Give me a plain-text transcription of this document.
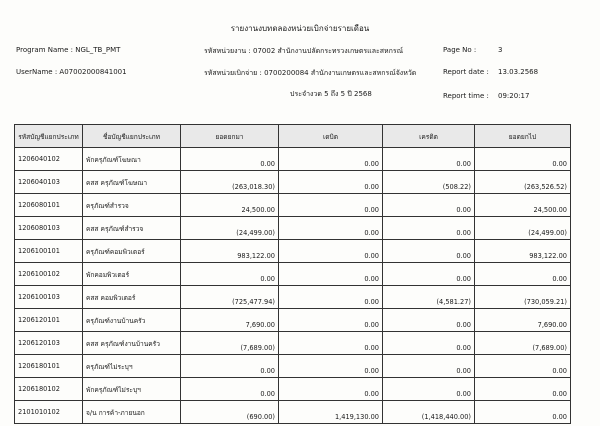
รายงานงบทดลองหน่วยเบิกจ่ายรายเดือน
Program Name : NGL_TB_PMT
UserName : A07002000841001
รหัสหน่วยงาน : 07002 สำนักงานปลัดกระทรวงเกษตรและสหกรณ์
รหัสหน่วยเบิกจ่าย : 0700200084 สำนักงานเกษตรและสหกรณ์จังหวัด
ประจำงวด 5 ถึง 5 ปี 2568
Page No :	3
Report date : 13.03.2568
Report time : 09:20:17
รหัสบัญชีแยกประเภท	ชื่อบัญชีแยกประเภท	ยอดยกมา	เดบิต	เครดิต	ยอดยกไป
1206040102	พักครุภัณฑ์โฆษณา	0.00	0.00	0.00	0.00
1206040103	คสส ครุภัณฑ์โฆษณา	(263,018.30)	0.00	(508.22)	(263,526.52)
1206080101	ครุภัณฑ์สำรวจ	24,500.00	0.00	0.00	24,500.00
1206080103	คสส ครุภัณฑ์สำรวจ	(24,499.00)	0.00	0.00	(24,499.00)
1206100101	ครุภัณฑ์คอมพิวเตอร์	983,122.00	0.00	0.00	983,122.00
1206100102	พักคอมพิวเตอร์	0.00	0.00	0.00	0.00
1206100103	คสส คอมพิวเตอร์	(725,477.94)	0.00	(4,581.27)	(730,059.21)
1206120101	ครุภัณฑ์งานบ้านครัว	7,690.00	0.00	0.00	7,690.00
1206120103	คสส ครุภัณฑ์งานบ้านครัว	(7,689.00)	0.00	0.00	(7,689.00)
1206180101	ครุภัณฑ์ไม่ระบุฯ	0.00	0.00	0.00	0.00
1206180102	พักครุภัณฑ์ไม่ระบุฯ	0.00	0.00	0.00	0.00
2101010102	จ/น การค้า-ภายนอก	(690.00)	1,419,130.00	(1,418,440.00)	0.00
